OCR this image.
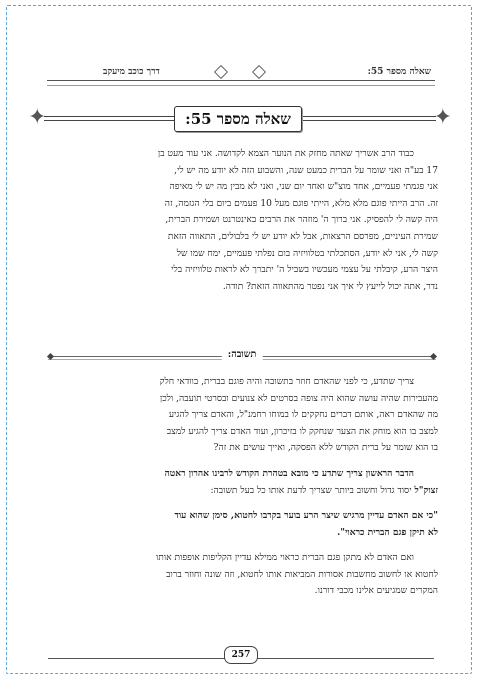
שאלה מספר 55:
דרך כוכב מיעקב
✦	✦
שאלה מספר 55:

כבוד הרב אשריך שאתה מחזק את הנוער הצמא לקדושה. אני עוד מעט בן

17 בע"ה ואני שומר על הברית כמעט שנה, והשבוע הזה לא יודע מה יש לי,

אני פגמתי פעמיים, אחד מוצ"ש ואחד יום שני, ואני לא מבין מה יש לי מאיפה

זה. הרב הייתי פוגם מלא מלא, הייתי פוגם מעל 10 פעמים ביום בלי הגזמה, זה

היה קשה לי להפסיק. אני ברוך ה' מוזהר את הרבים באינטרנט ושמירת הברית,

שמירת העיניים, מפרסם הרצאות, אבל לא יודע יש לי בלבולים, התאווה הזאת

קשה לי, אני לא יודע, הסתכלתי בטלוויזיה בום נפלתי פעמיים, ימח שמו של

היצר הרע, קיבלתי על עצמי מעכשיו בשביל ה' יתברך לא לראות טלוויזיה בלי

נדר, אתה יכול לייעץ לי איך אני נפטר מהתאווה הזאת? תודה.

תשובה:

צריך שתדע, כי לפני שהאדם חוזר בתשובה והיה פוגם בברית, בוודאי חלק

מהעבירות שהיה עושה שהוא היה צופה בסרטים לא צנועים ובסרטי תועבה, ולכן

מה שהאדם ראה, אותם דברים נחקקים לו במוחו רחמנ"ל, והאדם צריך להגיע

למצב בו הוא מוחק את הצער שנחקק לו בזיכרון, ועוד האדם צריך להגיע למצב

בו הוא שומר על ברית הקודש ללא הפסקה, ואייך עושים את זה?

הדבר הראשון צריך שתדע כי מובא בטהרת הקודש לרבינו אהרון ראטה

זצוק"ל יסוד גדול וחשוב ביותר שצריך לדעת אותו כל בעל תשובה:

"כי אם האדם עדיין מרגיש שיצר הרע בוער בקרבו לחטוא, סימן שהוא עוד

לא תיקן פגם הברית כראוי".

ואם האדם לא מתקן פגם הברית כראוי ממילא עדיין הקליפות אופפות אותו

לחטוא או לחשוב מחשבות אסורות המביאות אותו לחטוא, וזה שונה וחוזר ברוב

המקרים שמגיעים אלינו מכבי דורנו.

257
